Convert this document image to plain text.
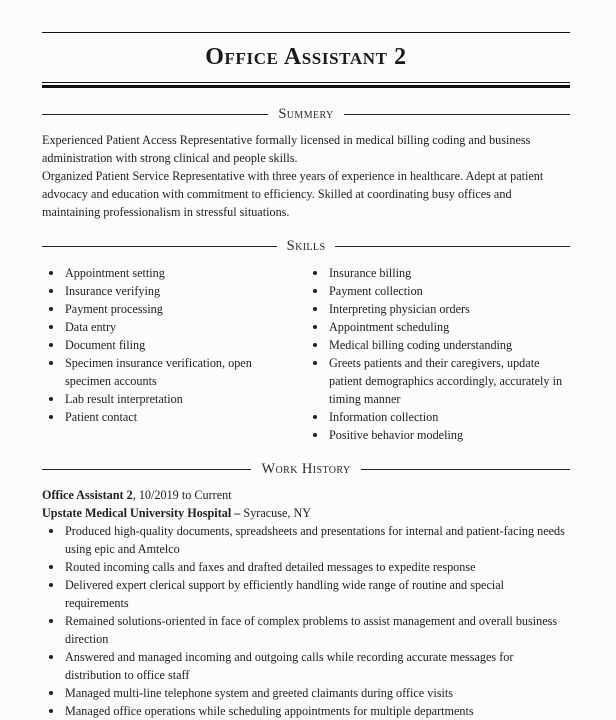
Office Assistant 2
Summery

Experienced Patient Access Representative formally licensed in medical billing coding and business administration with strong clinical and people skills.

Organized Patient Service Representative with three years of experience in healthcare. Adept at patient advocacy and education with commitment to efficiency. Skilled at coordinating busy offices and maintaining professionalism in stressful situations.

Skills
Appointment setting
Insurance verifying
Payment processing
Data entry
Document filing
Specimen insurance verification, open specimen accounts
Lab result interpretation
Patient contact
Insurance billing
Payment collection
Interpreting physician orders
Appointment scheduling
Medical billing coding understanding
Greets patients and their caregivers, update patient demographics accordingly, accurately in timing manner
Information collection
Positive behavior modeling
Work History

Office Assistant 2, 10/2019 to Current

Upstate Medical University Hospital – Syracuse, NY

Produced high-quality documents, spreadsheets and presentations for internal and patient-facing needs using epic and Amtelco
Routed incoming calls and faxes and drafted detailed messages to expedite response
Delivered expert clerical support by efficiently handling wide range of routine and special requirements
Remained solutions-oriented in face of complex problems to assist management and overall business direction
Answered and managed incoming and outgoing calls while recording accurate messages for distribution to office staff
Managed multi-line telephone system and greeted claimants during office visits
Managed office operations while scheduling appointments for multiple departments
